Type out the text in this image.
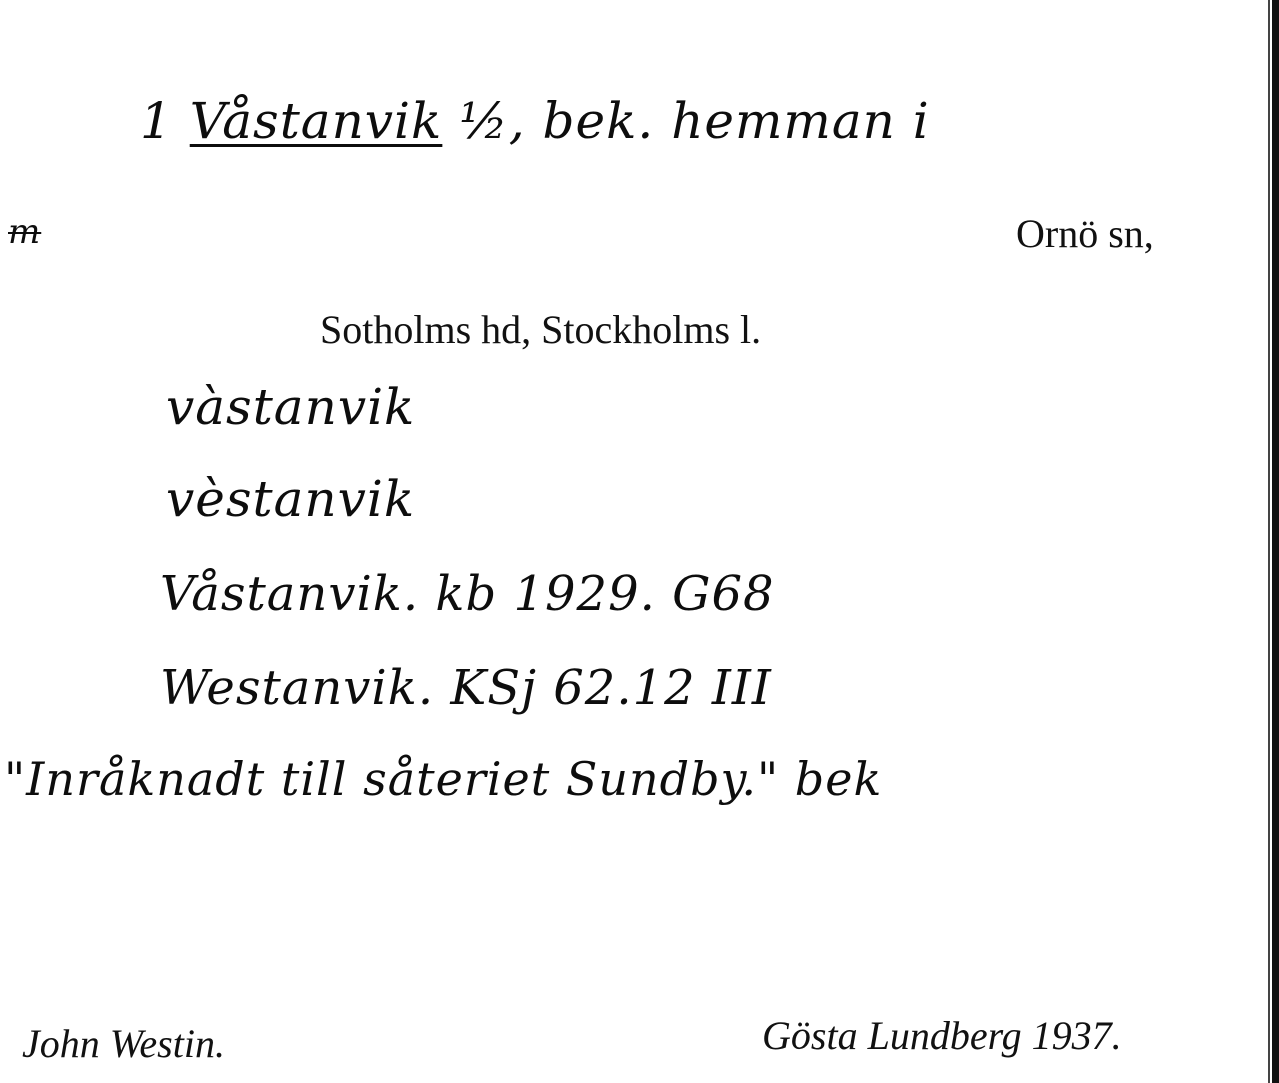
1 Våstanvik ½, bek. hemman i
m	Ornö sn,
Sotholms hd, Stockholms l.
vàstanvik
vèstanvik
Våstanvik. kb 1929. G68
Westanvik. KSj 62.12 III
"Inråknadt till såteriet Sundby." bek
John Westin.	Gösta Lundberg 1937.
